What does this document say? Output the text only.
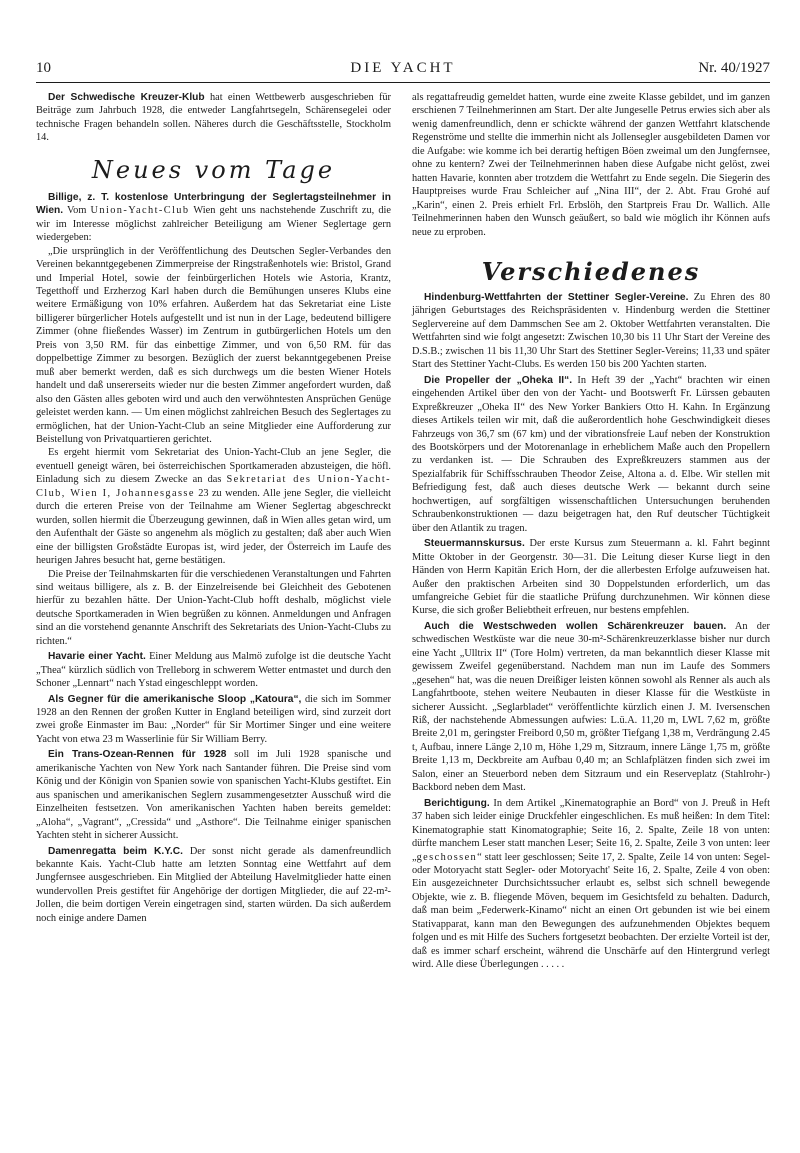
10	DIE YACHT	Nr. 40/1927

Der Schwedische Kreuzer-Klub hat einen Wettbewerb ausgeschrieben für Beiträge zum Jahrbuch 1928, die entweder Langfahrtsegeln, Schärensegelei oder technische Fragen behandeln sollen. Näheres durch die Geschäftsstelle, Stockholm 14.

Neues vom Tage

Billige, z. T. kostenlose Unterbringung der Seglertagsteilnehmer in Wien. Vom Union-Yacht-Club Wien geht uns nachstehende Zuschrift zu, die wir im Interesse möglichst zahlreicher Beteiligung am Wiener Seglertage gern wiedergeben:

„Die ursprünglich in der Veröffentlichung des Deutschen Segler-Verbandes den Vereinen bekanntgegebenen Zimmerpreise der Ringstraßenhotels wie: Bristol, Grand und Imperial Hotel, sowie der feinbürgerlichen Hotels wie Astoria, Krantz, Tegetthoff und Erzherzog Karl haben durch die Bemühungen unseres Klubs eine weitere Ermäßigung von 10% erfahren. Außerdem hat das Sekretariat eine Liste billigerer bürgerlicher Hotels aufgestellt und ist nun in der Lage, bedeutend billigere Zimmer (ohne fließendes Wasser) im Zentrum in gutbürgerlichen Hotels um den Preis von 3,50 RM. für das einbettige Zimmer, und von 6,50 RM. für das doppelbettige Zimmer zu besorgen. Bezüglich der zuerst bekanntgegebenen Preise muß aber bemerkt werden, daß es sich durchwegs um die besten Wiener Hotels handelt und daß unsererseits wieder nur die besten Zimmer angefordert wurden, daß also den Gästen alles geboten wird und auch den verwöhntesten Ansprüchen Genüge geleistet werden kann. — Um einen möglichst zahlreichen Besuch des Seglertages zu ermöglichen, hat der Union-Yacht-Club an seine Mitglieder eine Aufforderung zur Beistellung von Privatquartieren gerichtet.

Es ergeht hiermit vom Sekretariat des Union-Yacht-Club an jene Segler, die eventuell geneigt wären, bei österreichischen Sportkameraden abzusteigen, die höfl. Einladung sich zu diesem Zwecke an das Sekretariat des Union-Yacht-Club, Wien I, Johannesgasse 23 zu wenden. Alle jene Segler, die vielleicht durch die erteren Preise von der Teilnahme am Wiener Seglertag abgeschreckt wurden, sollen hiermit die Überzeugung gewinnen, daß in Wien alles getan wird, um den Aufenthalt der Gäste so angenehm als möglich zu gestalten; daß aber auch Wien eine der billigsten Großstädte Europas ist, wird jeder, der Österreich im Laufe des heurigen Jahres besucht hat, gerne bestätigen.

Die Preise der Teilnahmskarten für die verschiedenen Veranstaltungen und Fahrten sind weitaus billigere, als z. B. der Einzelreisende bei Gleichheit des Gebotenen hierfür zu bezahlen hätte. Der Union-Yacht-Club hofft deshalb, möglichst viele deutsche Sportkameraden in Wien begrüßen zu können. Anmeldungen und Anfragen sind an die vorstehend genannte Anschrift des Sekretariats des Union-Yacht-Clubs zu richten.“

Havarie einer Yacht. Einer Meldung aus Malmö zufolge ist die deutsche Yacht „Thea“ kürzlich südlich von Trelleborg in schwerem Wetter entmastet und durch den Schoner „Lennart“ nach Ystad eingeschleppt worden.

Als Gegner für die amerikanische Sloop „Katoura“, die sich im Sommer 1928 an den Rennen der großen Kutter in England beteiligen wird, sind zurzeit dort zwei große Einmaster im Bau: „Norder“ für Sir Mortimer Singer und eine weitere Yacht von etwa 23 m Wasserlinie für Sir William Berry.

Ein Trans-Ozean-Rennen für 1928 soll im Juli 1928 spanische und amerikanische Yachten von New York nach Santander führen. Die Preise sind vom König und der Königin von Spanien sowie von spanischen Yacht-Klubs gestiftet. Ein aus spanischen und amerikanischen Seglern zusammengesetzter Ausschuß wird die Einzelheiten festsetzen. Von amerikanischen Yachten haben bereits gemeldet: „Aloha“, „Vagrant“, „Cressida“ und „Asthore“. Die Teilnahme einiger spanischen Yachten steht in sicherer Aussicht.

Damenregatta beim K.Y.C. Der sonst nicht gerade als damenfreundlich bekannte Kais. Yacht-Club hatte am letzten Sonntag eine Wettfahrt auf dem Jungfernsee ausgeschrieben. Ein Mitglied der Abteilung Havelmitglieder hatte einen wundervollen Preis gestiftet für Angehörige der dortigen Mitglieder, die auf 22-m²-Jollen, die beim dortigen Verein eingetragen sind, starten würden. Da sich außerdem noch einige andere Damen

als regattafreudig gemeldet hatten, wurde eine zweite Klasse gebildet, und im ganzen erschienen 7 Teilnehmerinnen am Start. Der alte Jungeselle Petrus erwies sich aber als wenig damenfreundlich, denn er schickte während der ganzen Wettfahrt klatschende Regenströme und stellte die immerhin nicht als Jollensegler ausgebildeten Damen vor die Aufgabe: wie komme ich bei derartig heftigen Böen zweimal um den Jungfernsee, ohne zu kentern? Zwei der Teilnehmerinnen haben diese Aufgabe nicht gelöst, zwei hatten Havarie, konnten aber trotzdem die Wettfahrt zu Ende segeln. Die Siegerin des Hauptpreises wurde Frau Schleicher auf „Nina III“, der 2. Abt. Frau Grohé auf „Karin“, einen 2. Preis erhielt Frl. Erbslöh, den Startpreis Frau Dr. Wallich. Alle Teilnehmerinnen haben den Wunsch geäußert, so bald wie möglich ihr Können aufs neue zu erproben.

Verschiedenes

Hindenburg-Wettfahrten der Stettiner Segler-Vereine. Zu Ehren des 80 jährigen Geburtstages des Reichspräsidenten v. Hindenburg werden die Stettiner Seglervereine auf dem Dammschen See am 2. Oktober Wettfahrten veranstalten. Die Wettfahrten sind wie folgt angesetzt: Zwischen 10,30 bis 11 Uhr Start der Vereine des D.S.B.; zwischen 11 bis 11,30 Uhr Start des Stettiner Segler-Vereins; 11,33 und später Start des Stettiner Yacht-Clubs. Es werden 150 bis 200 Yachten starten.

Die Propeller der „Oheka II“. In Heft 39 der „Yacht“ brachten wir einen eingehenden Artikel über den von der Yacht- und Bootswerft Fr. Lürssen gebauten Expreßkreuzer „Oheka II“ des New Yorker Bankiers Otto H. Kahn. In Ergänzung dieses Artikels teilen wir mit, daß die außerordentlich hohe Geschwindigkeit dieses Fahrzeugs von 36,7 sm (67 km) und der vibrationsfreie Lauf neben der Konstruktion des Bootskörpers und der Motorenanlage in erheblichem Maße auch den Propellern zu verdanken ist. — Die Schrauben des Expreßkreuzers stammen aus der Spezialfabrik für Schiffsschrauben Theodor Zeise, Altona a. d. Elbe. Wir stellen mit Befriedigung fest, daß auch dieses deutsche Werk — bekannt durch seine hochwertigen, auf sorgfältigen wissenschaftlichen Untersuchungen beruhenden Schraubenkonstruktionen — dazu beigetragen hat, den Ruf deutscher Tüchtigkeit über den Atlantik zu tragen.

Steuermannskursus. Der erste Kursus zum Steuermann a. kl. Fahrt beginnt Mitte Oktober in der Georgenstr. 30—31. Die Leitung dieser Kurse liegt in den Händen von Herrn Kapitän Erich Horn, der die allerbesten Erfolge aufzuweisen hat. Außer den praktischen Arbeiten sind 30 Doppelstunden erforderlich, um das umfangreiche Gebiet für die staatliche Prüfung durchzunehmen. Wir können diese Kurse, die sich großer Beliebtheit erfreuen, nur bestens empfehlen.

Auch die Westschweden wollen Schärenkreuzer bauen. An der schwedischen Westküste war die neue 30-m²-Schärenkreuzerklasse bisher nur durch eine Yacht „Ulltrix II“ (Tore Holm) vertreten, da man bekanntlich dieser Klasse mit gewissem Zweifel gegenüberstand. Nachdem man nun im Laufe des Sommers „gesehen“ hat, was die neuen Dreißiger leisten können sowohl als Renner als auch als Langfahrtboote, stehen weitere Neubauten in dieser Klasse für die Westküste in sicherer Aussicht. „Seglarbladet“ veröffentlichte kürzlich einen J. M. Iversenschen Riß, der nachstehende Abmessungen aufwies: L.ü.A. 11,20 m, LWL 7,62 m, größte Breite 2,01 m, geringster Freibord 0,50 m, größter Tiefgang 1,38 m, Verdrängung 2.45 t, Aufbau, innere Länge 2,10 m, Höhe 1,29 m, Sitzraum, innere Länge 1,75 m, größte Breite 1,13 m, Deckbreite am Aufbau 0,40 m; an Schlafplätzen finden sich zwei im Salon, einer an Steuerbord neben dem Sitzraum und ein Reserveplatz (Stahlrohr-) Backbord neben dem Mast.

Berichtigung. In dem Artikel „Kinematographie an Bord“ von J. Preuß in Heft 37 haben sich leider einige Druckfehler eingeschlichen. Es muß heißen: In dem Titel: Kinematographie statt Kinomatographie; Seite 16, 2. Spalte, Zeile 18 von unten: dürfte manchem Leser statt manchen Leser; Seite 16, 2. Spalte, Zeile 3 von unten: leer „geschossen“ statt leer geschlossen; Seite 17, 2. Spalte, Zeile 14 von unten: Segel- oder Motoryacht statt Segler- oder Motoryacht' Seite 16, 2. Spalte, Zeile 4 von oben: Ein ausgezeichneter Durchsichtssucher erlaubt es, selbst sich schnell bewegende Objekte, wie z. B. fliegende Möven, bequem im Gesichtsfeld zu behalten. Dadurch, daß man beim „Federwerk-Kinamo“ nicht an einen Ort gebunden ist wie bei einem Stativapparat, kann man den Bewegungen des aufzunehmenden Objektes bequem folgen und es mit Hilfe des Suchers fortgesetzt beobachten. Der erzielte Vorteil ist der, daß es immer scharf erscheint, während die Unschärfe auf den Hintergrund verlegt wird. Alle diese Überlegungen . . . . .
